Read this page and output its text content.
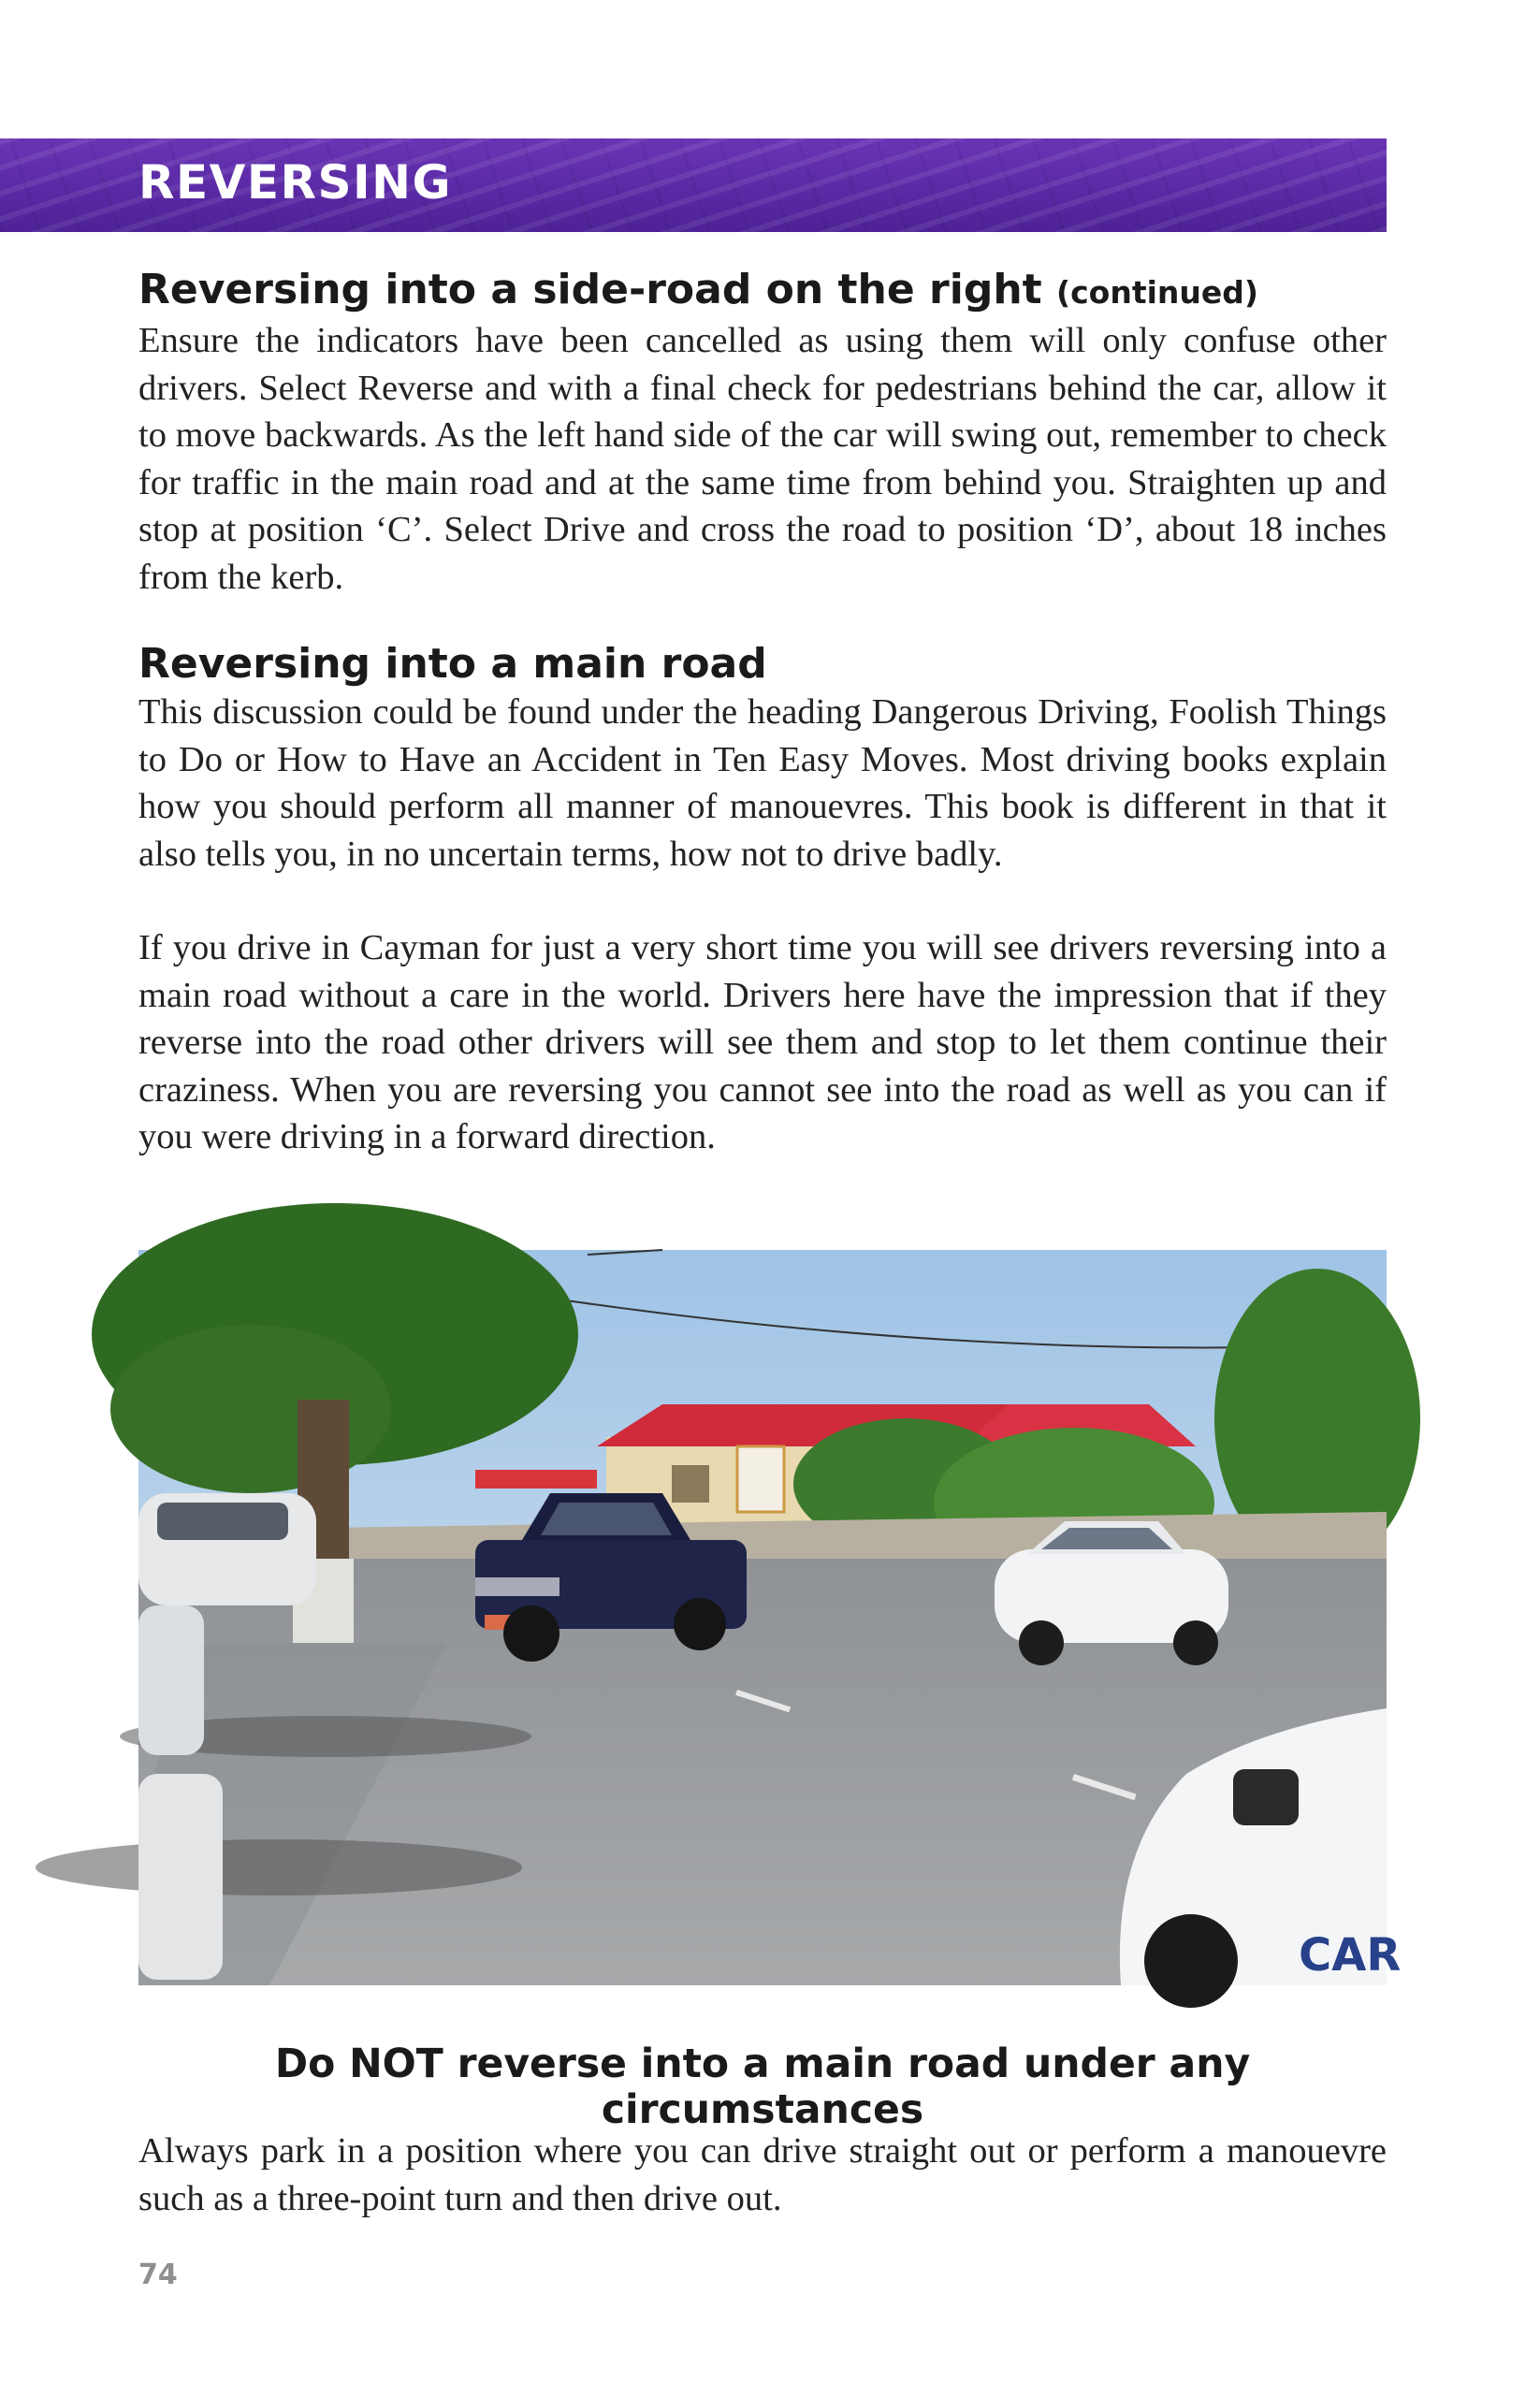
REVERSING

Reversing into a side-road on the right (continued)

Ensure the indicators have been cancelled as using them will only confuse other drivers. Select Reverse and with a final check for pedestrians behind the car, allow it to move backwards. As the left hand side of the car will swing out, remember to check for traffic in the main road and at the same time from behind you. Straighten up and stop at position ‘C’. Select Drive and cross the road to position ‘D’, about 18 inches from the kerb.

Reversing into a main road

This discussion could be found under the heading Dangerous Driving, Foolish Things to Do or How to Have an Accident in Ten Easy Moves. Most driving books explain how you should perform all manner of manouevres. This book is different in that it also tells you, in no uncertain terms, how not to drive badly.

If you drive in Cayman for just a very short time you will see drivers reversing into a main road without a care in the world. Drivers here have the impression that if they reverse into the road other drivers will see them and stop to let them continue their craziness. When you are reversing you cannot see into the road as well as you can if you were driving in a forward direction.

CAR

Do NOT reverse into a main road under any circumstances

Always park in a position where you can drive straight out or perform a manouevre such as a three-point turn and then drive out.

74
